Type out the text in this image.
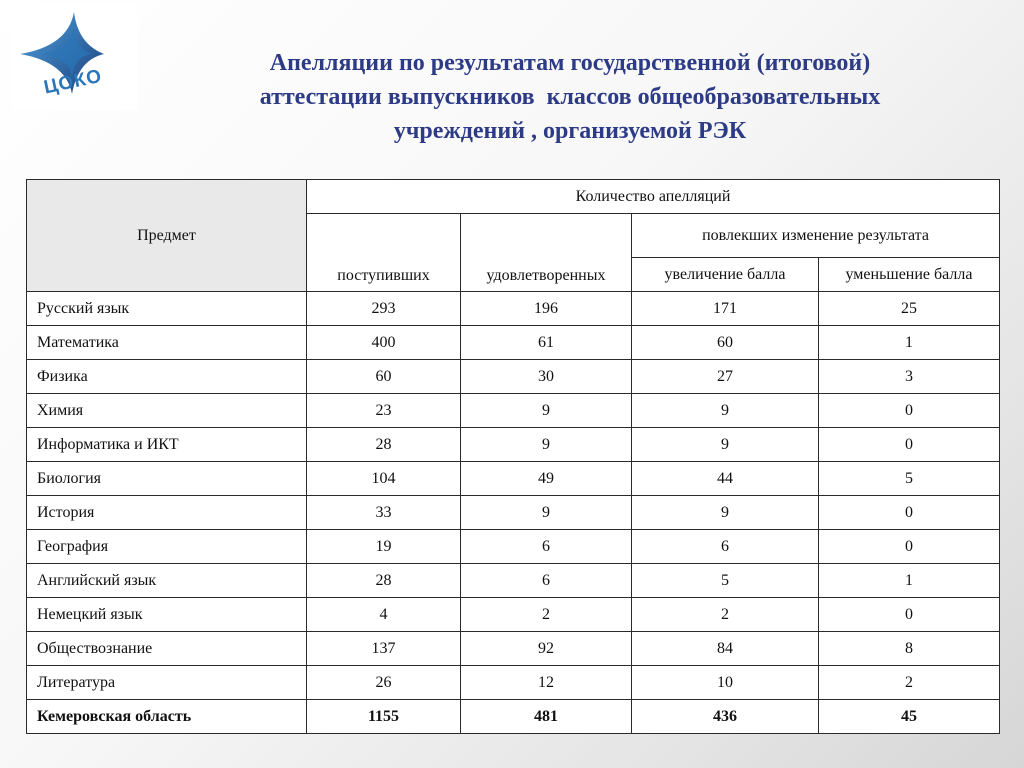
ЦОКО
Апелляции по результатам государственной (итоговой)
аттестации выпускников  классов общеобразовательных
учреждений , организуемой РЭК
Предмет	Количество апелляций			
	поступивших	удовлетворенных	повлекших изменение результата	
			увеличение балла	уменьшение балла
Русский язык	293	196	171	25
Математика	400	61	60	1
Физика	60	30	27	3
Химия	23	9	9	0
Информатика и ИКТ	28	9	9	0
Биология	104	49	44	5
История	33	9	9	0
География	19	6	6	0
Английский язык	28	6	5	1
Немецкий язык	4	2	2	0
Обществознание	137	92	84	8
Литература	26	12	10	2
Кемеровская область	1155	481	436	45
